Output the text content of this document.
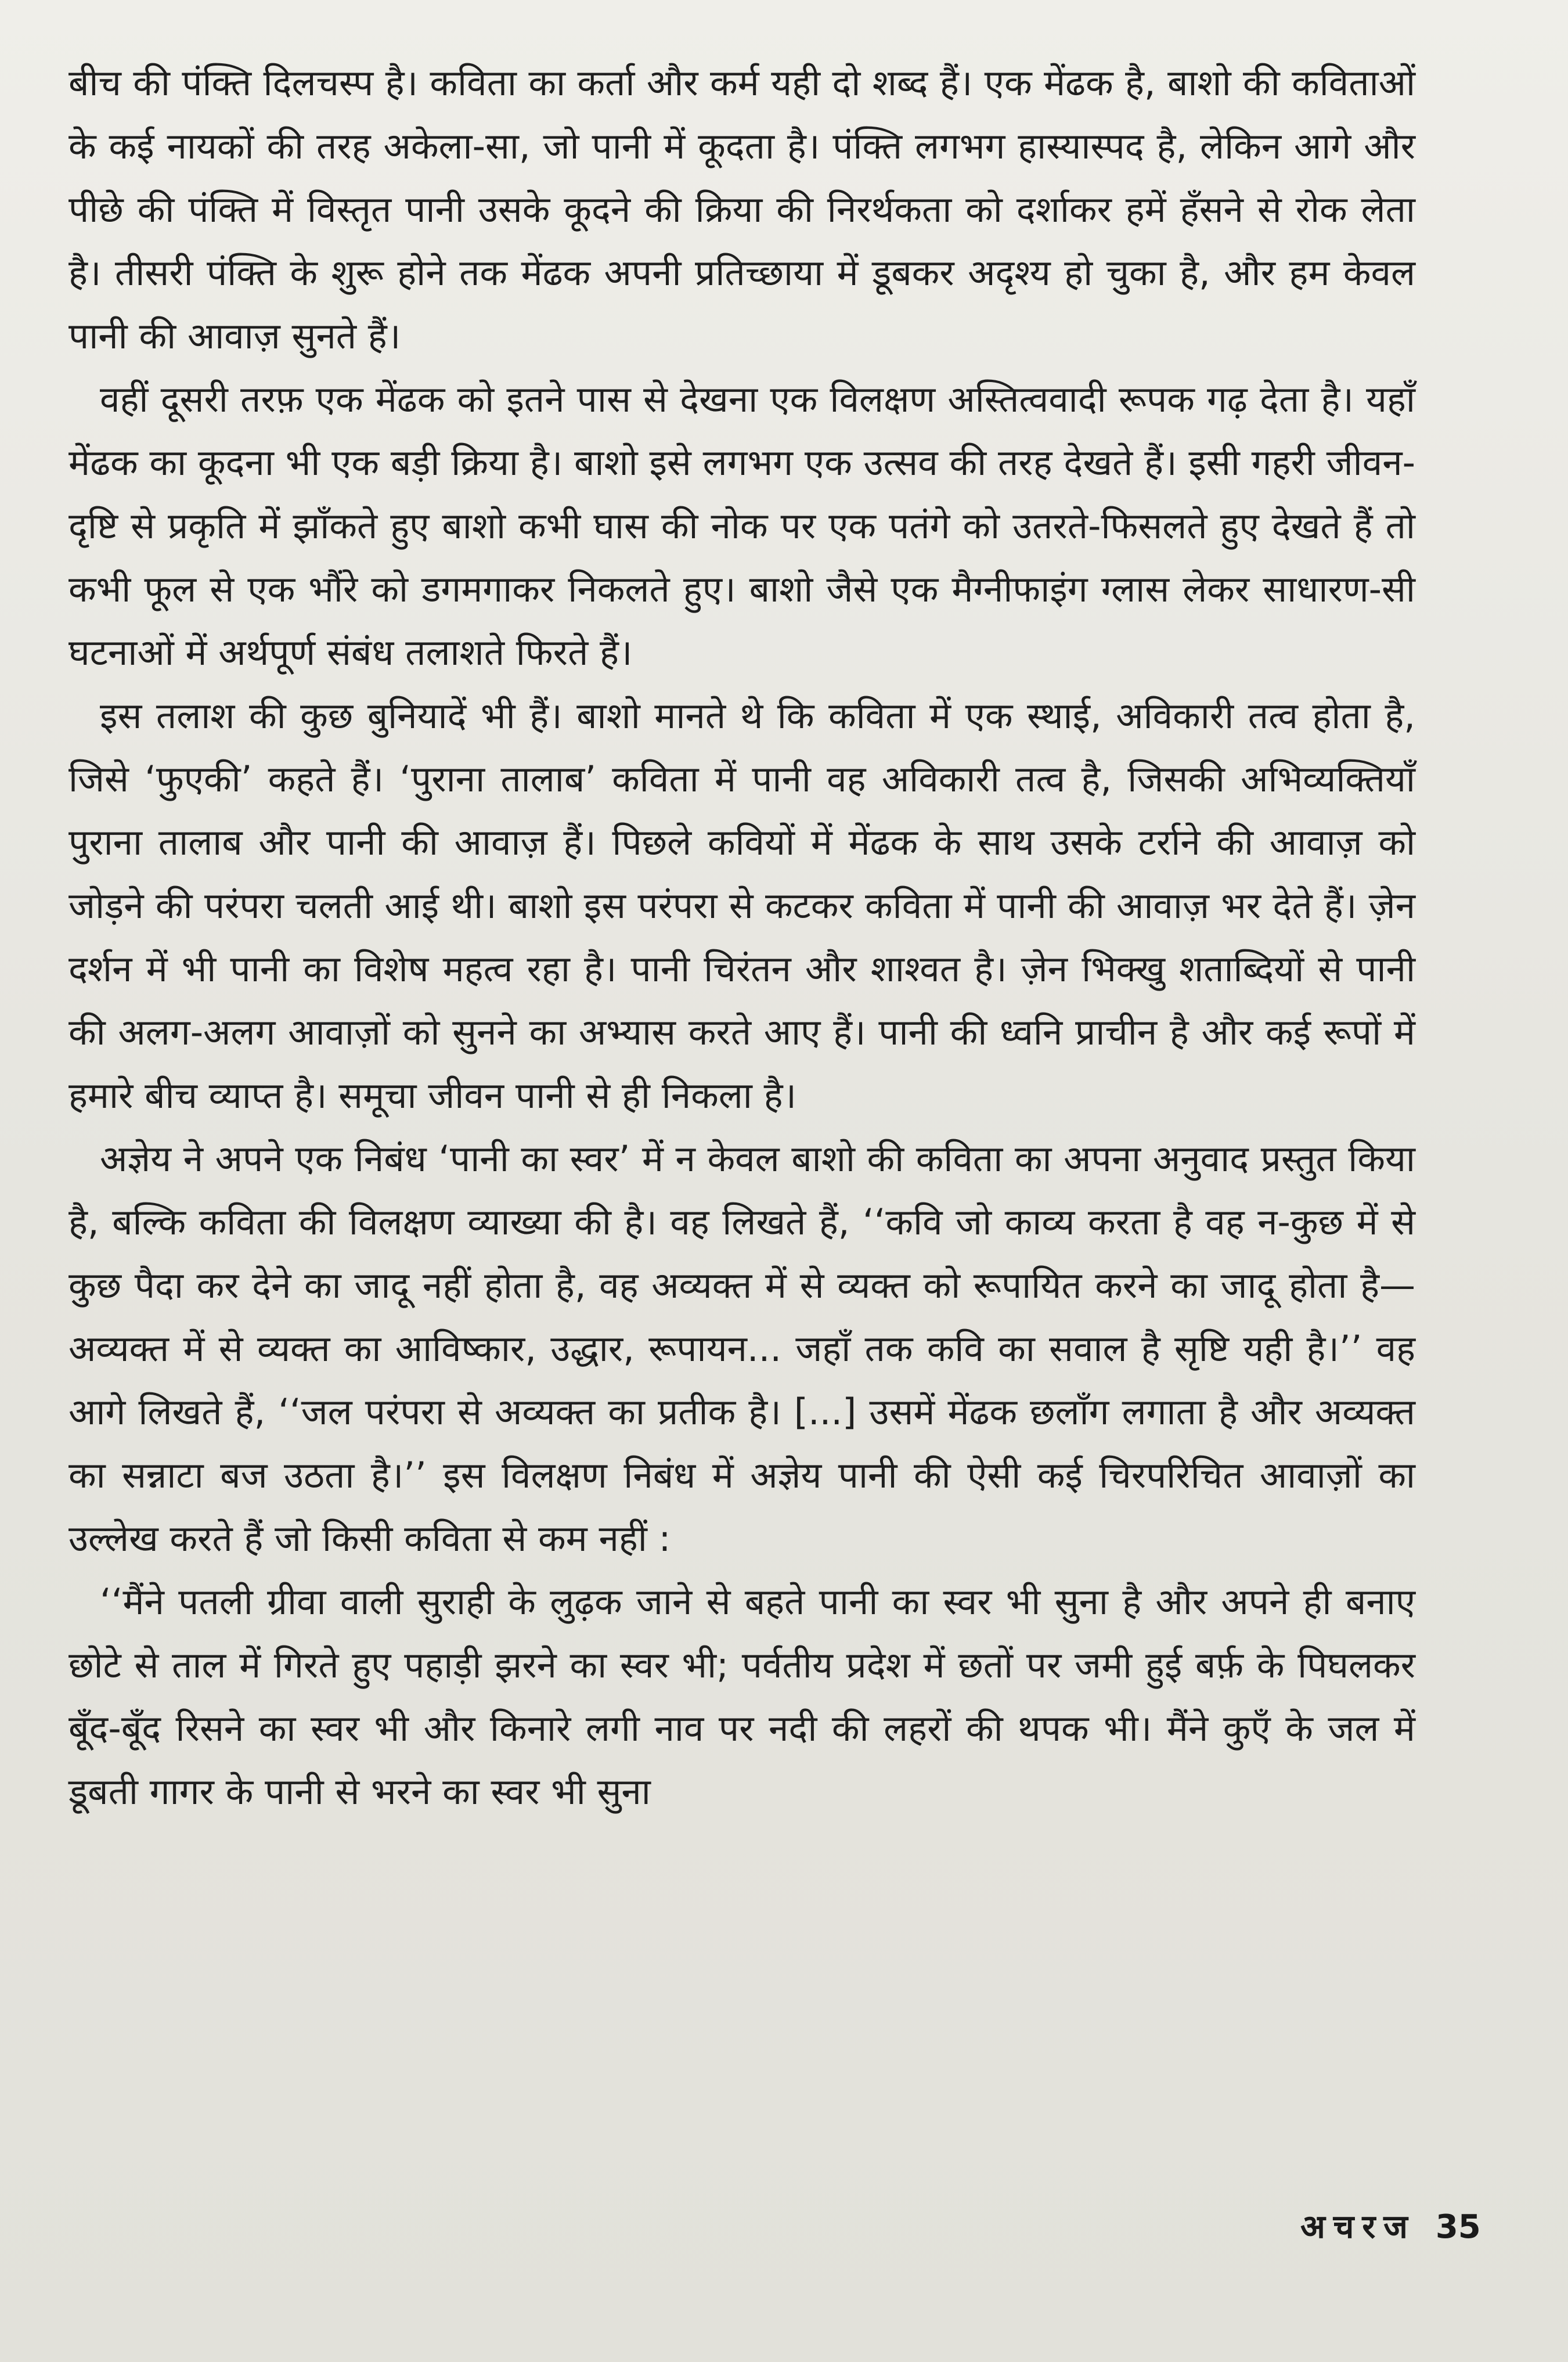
बीच की पंक्ति दिलचस्प है। कविता का कर्ता और कर्म यही दो शब्द हैं। एक मेंढक है, बाशो की कविताओं के कई नायकों की तरह अकेला-सा, जो पानी में कूदता है। पंक्ति लगभग हास्यास्पद है, लेकिन आगे और पीछे की पंक्ति में विस्तृत पानी उसके कूदने की क्रिया की निरर्थकता को दर्शाकर हमें हँसने से रोक लेता है। तीसरी पंक्ति के शुरू होने तक मेंढक अपनी प्रतिच्छाया में डूबकर अदृश्य हो चुका है, और हम केवल पानी की आवाज़ सुनते हैं।

वहीं दूसरी तरफ़ एक मेंढक को इतने पास से देखना एक विलक्षण अस्तित्ववादी रूपक गढ़ देता है। यहाँ मेंढक का कूदना भी एक बड़ी क्रिया है। बाशो इसे लगभग एक उत्सव की तरह देखते हैं। इसी गहरी जीवन-दृष्टि से प्रकृति में झाँकते हुए बाशो कभी घास की नोक पर एक पतंगे को उतरते-फिसलते हुए देखते हैं तो कभी फूल से एक भौंरे को डगमगाकर निकलते हुए। बाशो जैसे एक मैग्नीफाइंग ग्लास लेकर साधारण-सी घटनाओं में अर्थपूर्ण संबंध तलाशते फिरते हैं।

इस तलाश की कुछ बुनियादें भी हैं। बाशो मानते थे कि कविता में एक स्थाई, अविकारी तत्व होता है, जिसे ‘फुएकी’ कहते हैं। ‘पुराना तालाब’ कविता में पानी वह अविकारी तत्व है, जिसकी अभिव्यक्तियाँ पुराना तालाब और पानी की आवाज़ हैं। पिछले कवियों में मेंढक के साथ उसके टर्राने की आवाज़ को जोड़ने की परंपरा चलती आई थी। बाशो इस परंपरा से कटकर कविता में पानी की आवाज़ भर देते हैं। ज़ेन दर्शन में भी पानी का विशेष महत्व रहा है। पानी चिरंतन और शाश्वत है। ज़ेन भिक्खु शताब्दियों से पानी की अलग-अलग आवाज़ों को सुनने का अभ्यास करते आए हैं। पानी की ध्वनि प्राचीन है और कई रूपों में हमारे बीच व्याप्त है। समूचा जीवन पानी से ही निकला है।

अज्ञेय ने अपने एक निबंध ‘पानी का स्वर’ में न केवल बाशो की कविता का अपना अनुवाद प्रस्तुत किया है, बल्कि कविता की विलक्षण व्याख्या की है। वह लिखते हैं, ‘‘कवि जो काव्य करता है वह न-कुछ में से कुछ पैदा कर देने का जादू नहीं होता है, वह अव्यक्त में से व्यक्त को रूपायित करने का जादू होता है—अव्यक्त में से व्यक्त का आविष्कार, उद्धार, रूपायन... जहाँ तक कवि का सवाल है सृष्टि यही है।’’ वह आगे लिखते हैं, ‘‘जल परंपरा से अव्यक्त का प्रतीक है। [...] उसमें मेंढक छलाँग लगाता है और अव्यक्त का सन्नाटा बज उठता है।’’ इस विलक्षण निबंध में अज्ञेय पानी की ऐसी कई चिरपरिचित आवाज़ों का उल्लेख करते हैं जो किसी कविता से कम नहीं :

‘‘मैंने पतली ग्रीवा वाली सुराही के लुढ़क जाने से बहते पानी का स्वर भी सुना है और अपने ही बनाए छोटे से ताल में गिरते हुए पहाड़ी झरने का स्वर भी; पर्वतीय प्रदेश में छतों पर जमी हुई बर्फ़ के पिघलकर बूँद-बूँद रिसने का स्वर भी और किनारे लगी नाव पर नदी की लहरों की थपक भी। मैंने कुएँ के जल में डूबती गागर के पानी से भरने का स्वर भी सुना

अचरज 35
